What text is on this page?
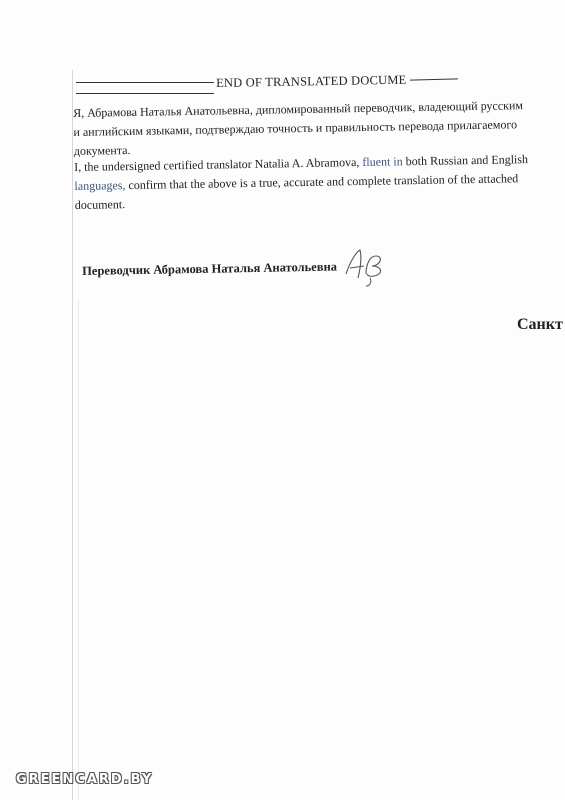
END OF TRANSLATED DOCUME
Я, Абрамова Наталья Анатольевна, дипломированный переводчик, владеющий русским
и английским языками, подтверждаю точность и правильность перевода прилагаемого
документа.
I, the undersigned certified translator Natalia A. Abramova, fluent in both Russian and English
languages, confirm that the above is a true, accurate and complete translation of the attached
document.
Переводчик Абрамова Наталья Анатольевна
Санкт
GREENCARD.BY
